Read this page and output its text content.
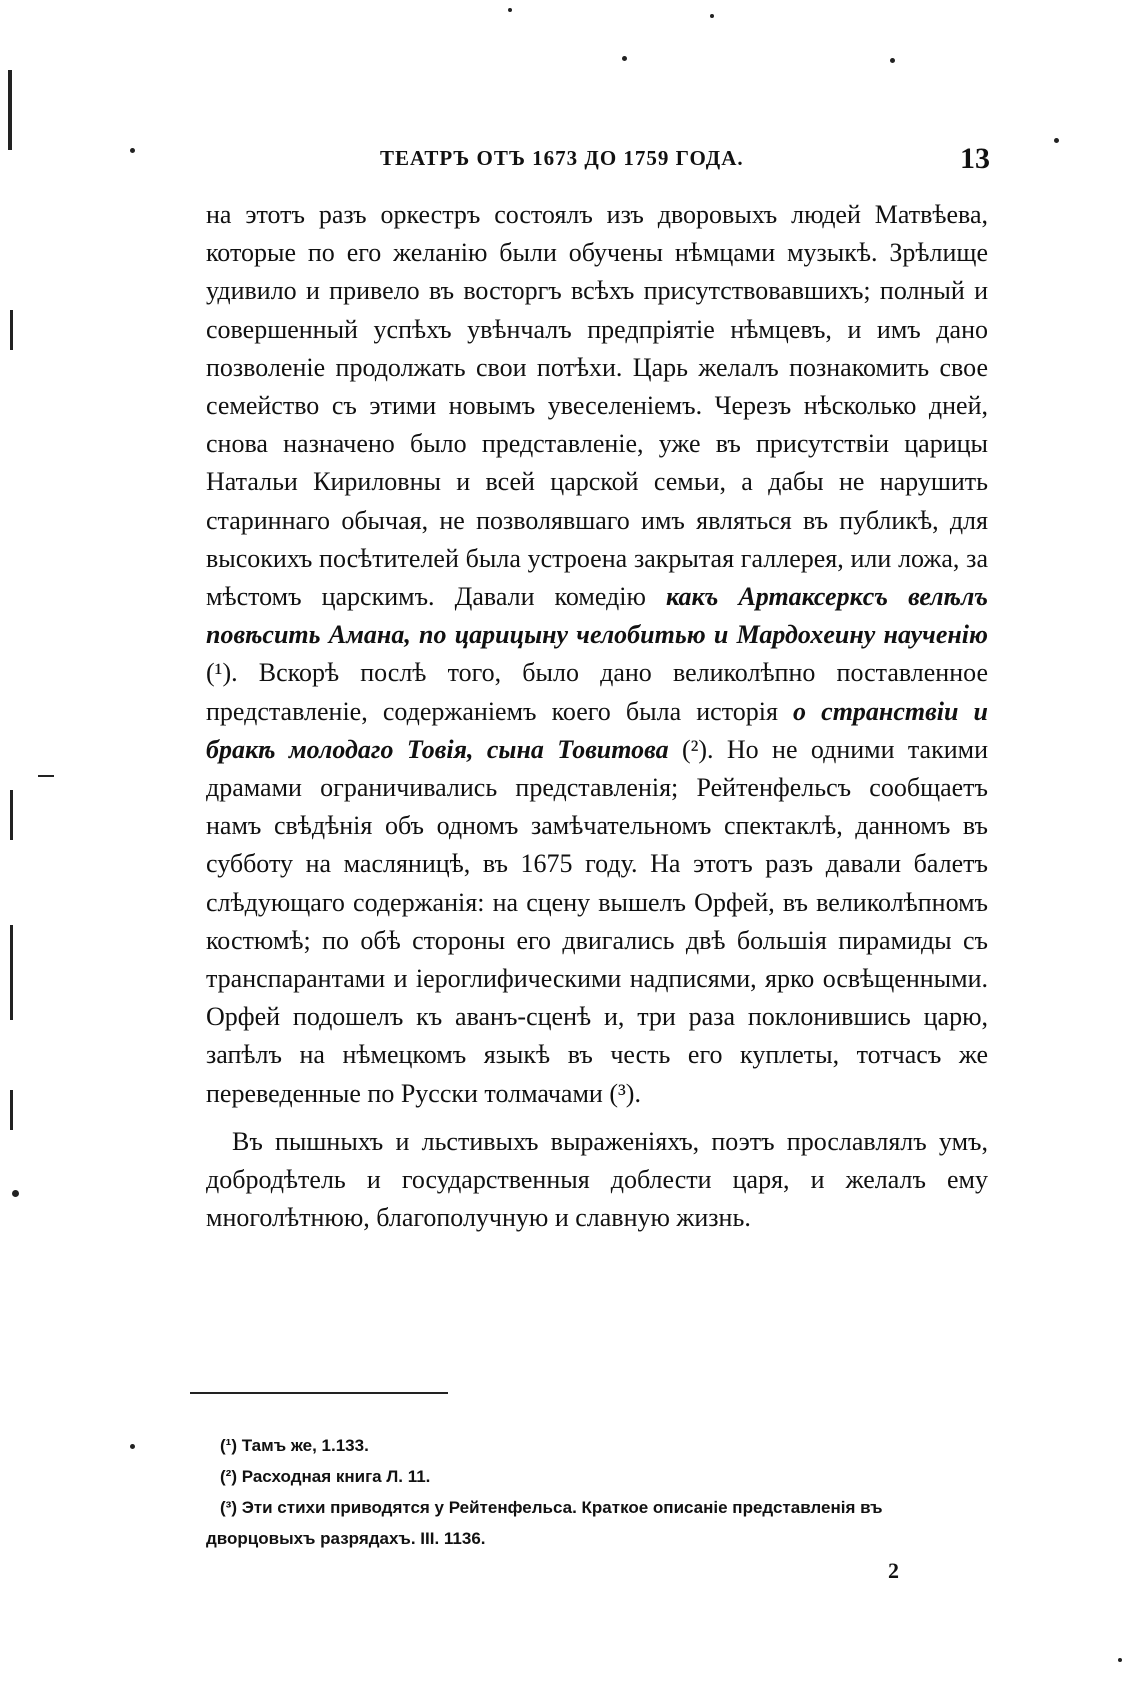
ТЕАТРЪ ОТЪ 1673 ДО 1759 ГОДА.	13

на этотъ разъ оркестръ состоялъ изъ дворовыхъ людей Матвѣева, которые по его желанію были обучены нѣмцами музыкѣ. Зрѣлище удивило и привело въ восторгъ всѣхъ присутствовавшихъ; полный и совершенный успѣхъ увѣнчалъ предпріятіе нѣмцевъ, и имъ дано позволеніе продолжать свои потѣхи. Царь желалъ познакомить свое семейство съ этими новымъ увеселеніемъ. Черезъ нѣсколько дней, снова назначено было представленіе, уже въ присутствіи царицы Натальи Кириловны и всей царской семьи, а дабы не нарушить стариннаго обычая, не позволявшаго имъ являться въ публикѣ, для высокихъ посѣтителей была устроена закрытая галлерея, или ложа, за мѣстомъ царскимъ. Давали комедію какъ Артаксеркcъ велѣлъ повѣсить Амана, по царицыну челобитью и Мардохеину наученію (¹). Вскорѣ послѣ того, было дано великолѣпно поставленное представленіе, содержаніемъ коего была исторія о странствіи и бракѣ молодаго Товія, сына Товитова (²). Но не одними такими драмами ограничивались представленія; Рейтенфельсъ сообщаетъ намъ свѣдѣнія объ одномъ замѣчательномъ спектаклѣ, данномъ въ субботу на масляницѣ, въ 1675 году. На этотъ разъ давали балетъ слѣдующаго содержанія: на сцену вышелъ Орфей, въ великолѣпномъ костюмѣ; по обѣ стороны его двигались двѣ большія пирамиды съ транспарантами и іероглифическими надписями, ярко освѣщенными. Орфей подошелъ къ аванъ-сценѣ и, три раза поклонившись царю, запѣлъ на нѣмецкомъ языкѣ въ честь его куплеты, тотчасъ же переведенные по Русски толмачами (³).

Въ пышныхъ и льстивыхъ выраженіяхъ, поэтъ прославлялъ умъ, добродѣтель и государственныя доблести царя, и желалъ ему многолѣтнюю, благополучную и славную жизнь.

(¹) Тамъ же, 1.133.

(²) Расходная книга Л. 11.

(³) Эти стихи приводятся у Рейтенфельса. Краткое описаніе представленія въ дворцовыхъ разрядахъ. III. 1136.

2
